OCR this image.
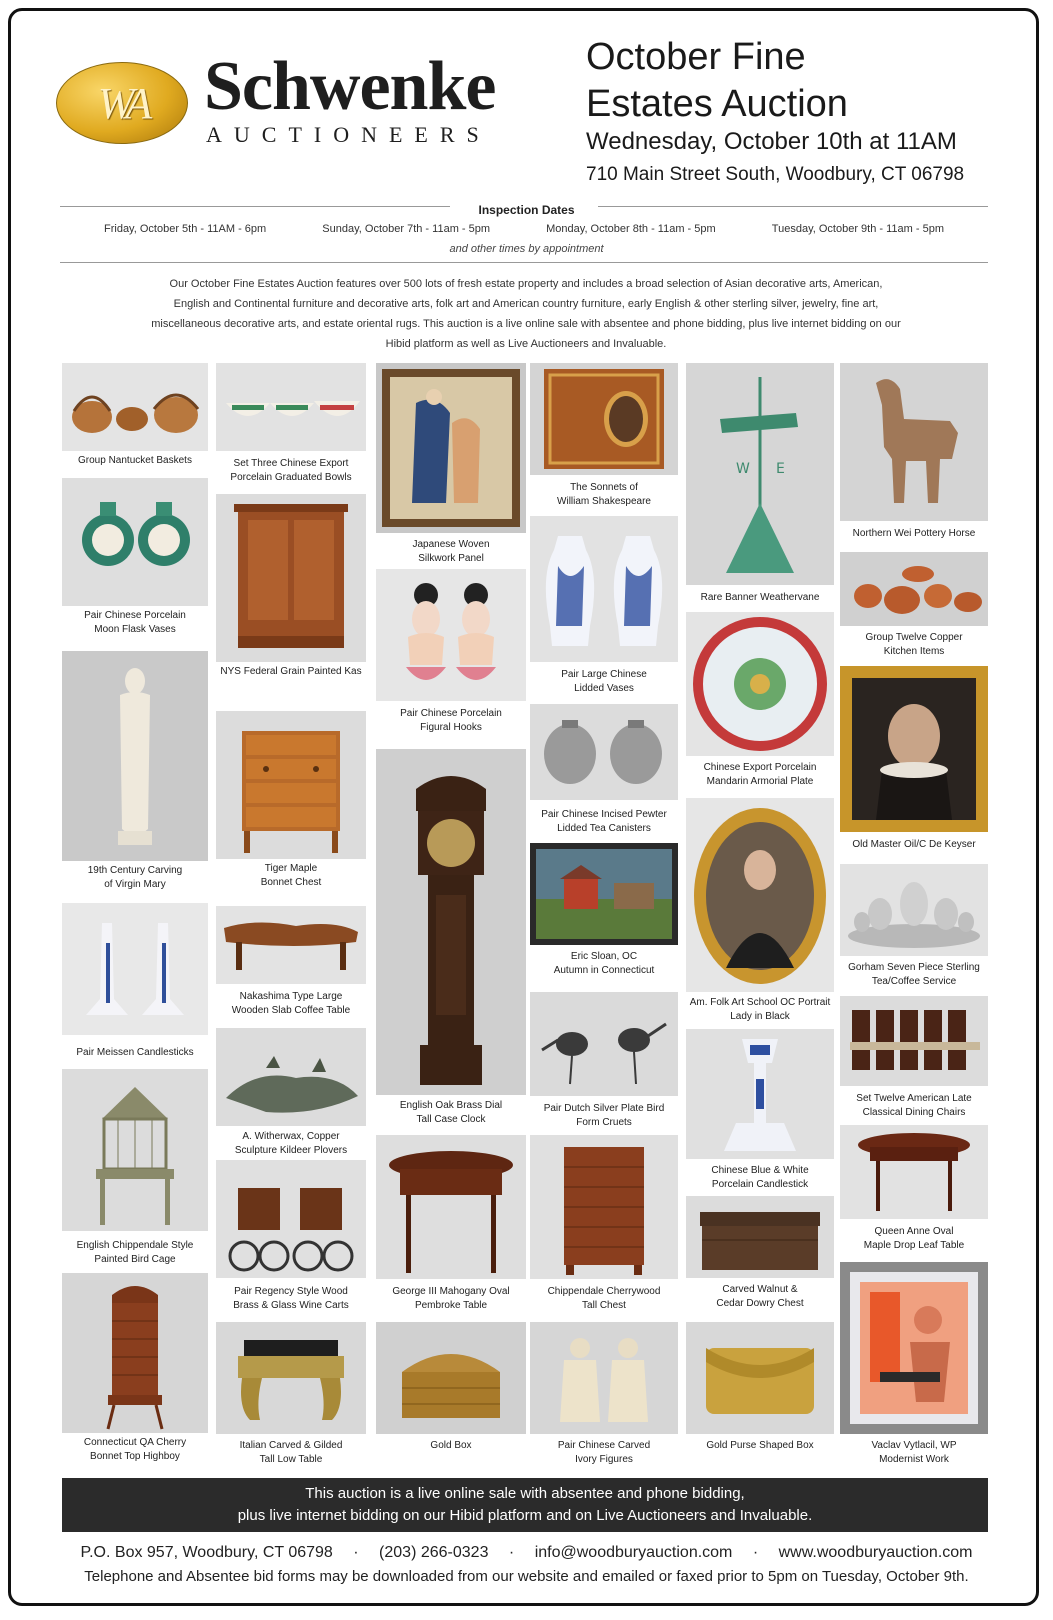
WA Schwenke
AUCTIONEERS
October Fine
Estates Auction
Wednesday, October 10th at 11AM
710 Main Street South, Woodbury, CT 06798
Inspection Dates
Friday, October 5th - 11AM - 6pm	Sunday, October 7th - 11am - 5pm	Monday, October 8th - 11am - 5pm	Tuesday, October 9th - 11am - 5pm
and other times by appointment
Our October Fine Estates Auction features over 500 lots of fresh estate property and includes a broad selection of Asian decorative arts, American, English and Continental furniture and decorative arts, folk art and American country furniture, early English & other sterling silver, jewelry, fine art, miscellaneous decorative arts, and estate oriental rugs. This auction is a live online sale with absentee and phone bidding, plus live internet bidding on our Hibid platform as well as Live Auctioneers and Invaluable.
Group Nantucket Baskets
Pair Chinese Porcelain
Moon Flask Vases
19th Century Carving
of Virgin Mary
Pair Meissen Candlesticks
English Chippendale Style
Painted Bird Cage
Connecticut QA Cherry
Bonnet Top Highboy
Set Three Chinese Export
Porcelain Graduated Bowls
NYS Federal Grain Painted Kas
Tiger Maple
Bonnet Chest
Nakashima Type Large
Wooden Slab Coffee Table
A. Witherwax, Copper
Sculpture Kildeer Plovers
Pair Regency Style Wood
Brass & Glass Wine Carts
Italian Carved & Gilded
Tall Low Table
Japanese Woven
Silkwork Panel
Pair Chinese Porcelain
Figural Hooks
English Oak Brass Dial
Tall Case Clock
George III Mahogany Oval
Pembroke Table
Gold Box
The Sonnets of
William Shakespeare
Pair Large Chinese
Lidded Vases
Pair Chinese Incised Pewter
Lidded Tea Canisters
Eric Sloan, OC
Autumn in Connecticut
Pair Dutch Silver Plate Bird
Form Cruets
Chippendale Cherrywood
Tall Chest
Pair Chinese Carved
Ivory Figures
W E
Rare Banner Weathervane
Chinese Export Porcelain
Mandarin Armorial Plate
Am. Folk Art School OC Portrait
Lady in Black
Chinese Blue & White
Porcelain Candlestick
Carved Walnut &
Cedar Dowry Chest
Gold Purse Shaped Box
Northern Wei Pottery Horse
Group Twelve Copper
Kitchen Items
Old Master Oil/C De Keyser
Gorham Seven Piece Sterling
Tea/Coffee Service
Set Twelve American Late
Classical Dining Chairs
Queen Anne Oval
Maple Drop Leaf Table
Vaclav Vytlacil, WP
Modernist Work
This auction is a live online sale with absentee and phone bidding,
plus live internet bidding on our Hibid platform and on Live Auctioneers and Invaluable.
P.O. Box 957, Woodbury, CT 06798 · (203) 266-0323 · info@woodburyauction.com · www.woodburyauction.com
Telephone and Absentee bid forms may be downloaded from our website and emailed or faxed prior to 5pm on Tuesday, October 9th.
